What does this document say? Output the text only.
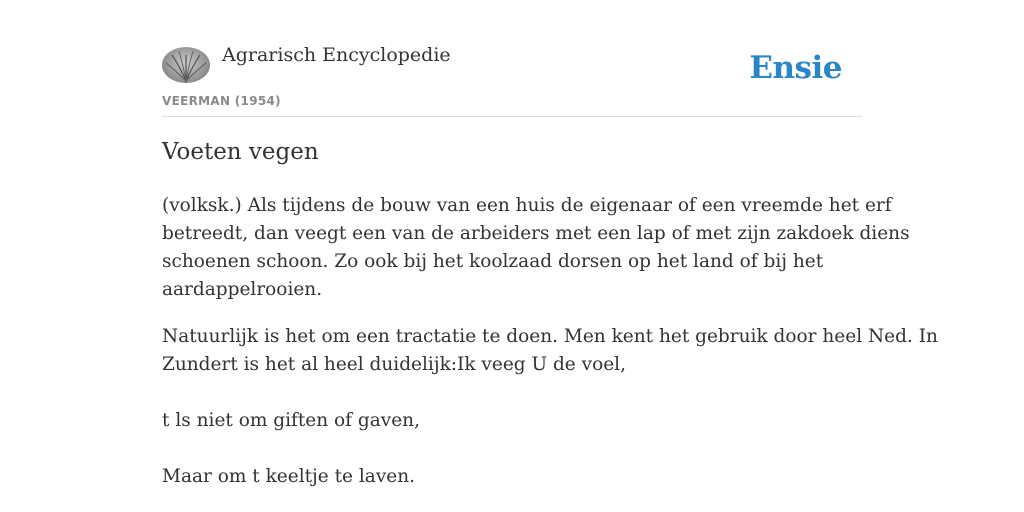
Agrarisch Encyclopedie
VEERMAN (1954)
Ensie
Voeten vegen

(volksk.) Als tijdens de bouw van een huis de eigenaar of een vreemde het erf
betreedt, dan veegt een van de arbeiders met een lap of met zijn zakdoek diens
schoenen schoon. Zo ook bij het koolzaad dorsen op het land of bij het
aardappelrooien.

Natuurlijk is het om een tractatie te doen. Men kent het gebruik door heel Ned. In
Zundert is het al heel duidelijk:Ik veeg U de voel,

t ls niet om giften of gaven,

Maar om t keeltje te laven.
